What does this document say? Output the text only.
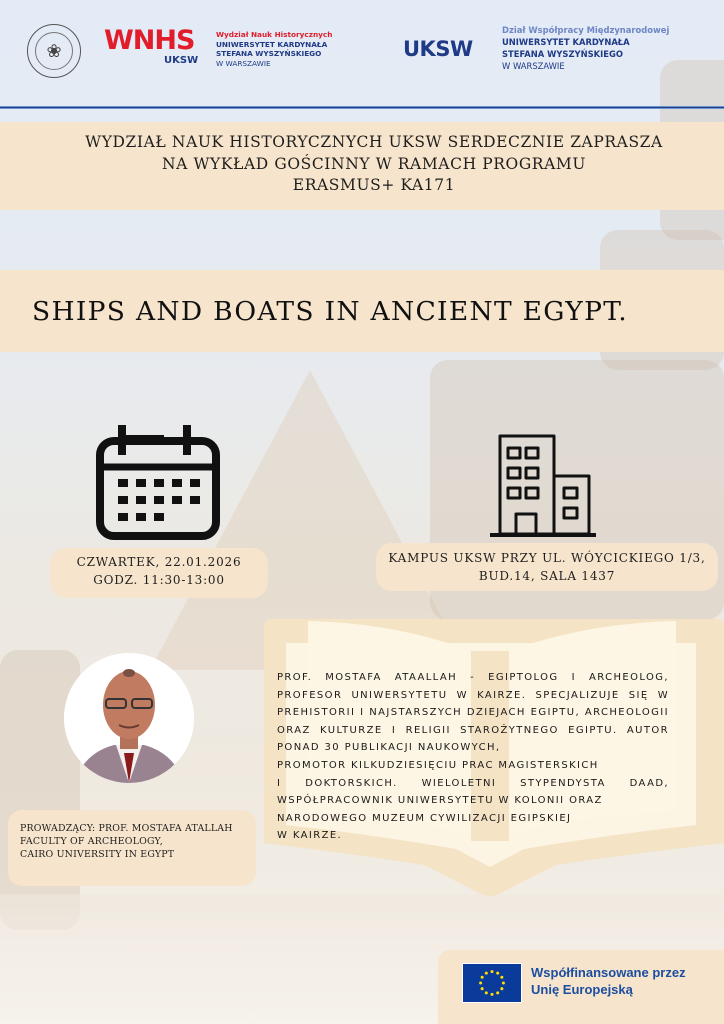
❀	WNHS
UKSW
Wydział Nauk Historycznych
UNIWERSYTET KARDYNAŁA
STEFANA WYSZYŃSKIEGO
W WARSZAWIE
UKSW
Dział Współpracy Międzynarodowej
UNIWERSYTET KARDYNAŁA
STEFANA WYSZYŃSKIEGO
W WARSZAWIE

WYDZIAŁ NAUK HISTORYCZNYCH UKSW SERDECZNIE ZAPRASZA

NA WYKŁAD GOŚCINNY W RAMACH PROGRAMU

ERASMUS+ KA171

SHIPS AND BOATS IN ANCIENT EGYPT.

CZWARTEK, 22.01.2026

GODZ. 11:30-13:00

KAMPUS UKSW PRZY UL. WÓYCICKIEGO 1/3,

BUD.14, SALA 1437

PROF. MOSTAFA ATAALLAH - EGIPTOLOG I ARCHEOLOG, PROFESOR UNIWERSYTETU W KAIRZE. SPECJALIZUJE SIĘ W PREHISTORII I NAJSTARSZYCH DZIEJACH EGIPTU, ARCHEOLOGII ORAZ KULTURZE I RELIGII STAROŻYTNEGO EGIPTU. AUTOR PONAD 30 PUBLIKACJI NAUKOWYCH,
PROMOTOR KILKUDZIESIĘCIU PRAC MAGISTERSKICH
I DOKTORSKICH. WIELOLETNI STYPENDYSTA DAAD, WSPÓŁPRACOWNIK UNIWERSYTETU W KOLONII ORAZ
NARODOWEGO MUZEUM CYWILIZACJI EGIPSKIEJ
W KAIRZE.

PROWADZĄCY: PROF. MOSTAFA ATALLAH

FACULTY OF ARCHEOLOGY,

CAIRO UNIVERSITY IN EGYPT

Współfinansowane przez
Unię Europejską
